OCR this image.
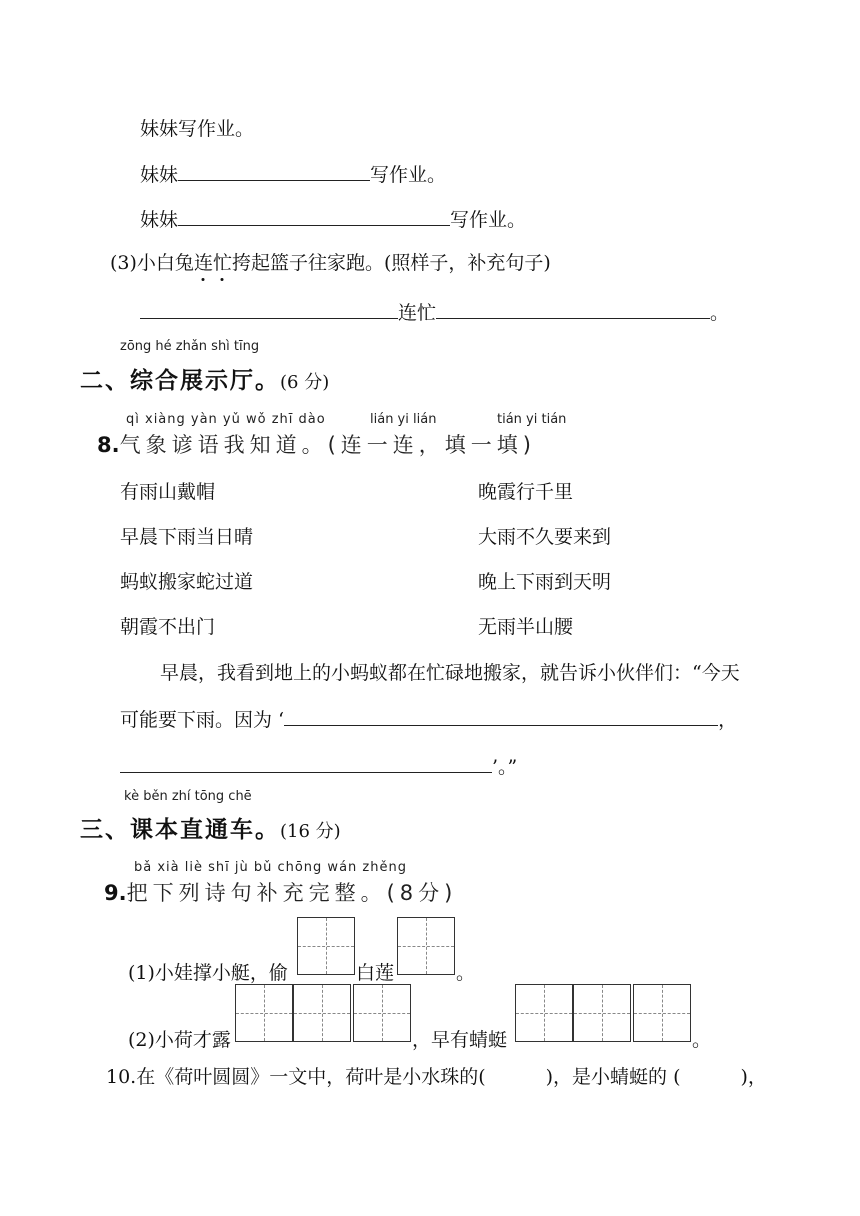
妹妹写作业。
妹妹	写作业。
妹妹	写作业。
(3)小白兔连忙挎起篮子往家跑。(照样子，补充句子)
连忙	。
zōng hé zhǎn shì tīng
二、综合展示厅。(6 分)
qì xiàng yàn yǔ wǒ zhī dào	lián yi lián	tián yi tián
8.气象谚语我知道。(连一连，填一填)
有雨山戴帽
早晨下雨当日晴
蚂蚁搬家蛇过道
朝霞不出门
晚霞行千里
大雨不久要来到
晚上下雨到天明
无雨半山腰
早晨，我看到地上的小蚂蚁都在忙碌地搬家，就告诉小伙伴们：“今天
可能要下雨。因为 ‘	，
’。”
kè běn zhí tōng chē
三、课本直通车。(16 分)
bǎ xià liè shī jù bǔ chōng wán zhěng
9.把下列诗句补充完整。(8分)
(1)小娃撑小艇，偷	白莲	。
(2)小荷才露	，早有蜻蜓	。
10.在《荷叶圆圆》一文中，荷叶是小水珠的(	)，是小蜻蜓的 (	)，
